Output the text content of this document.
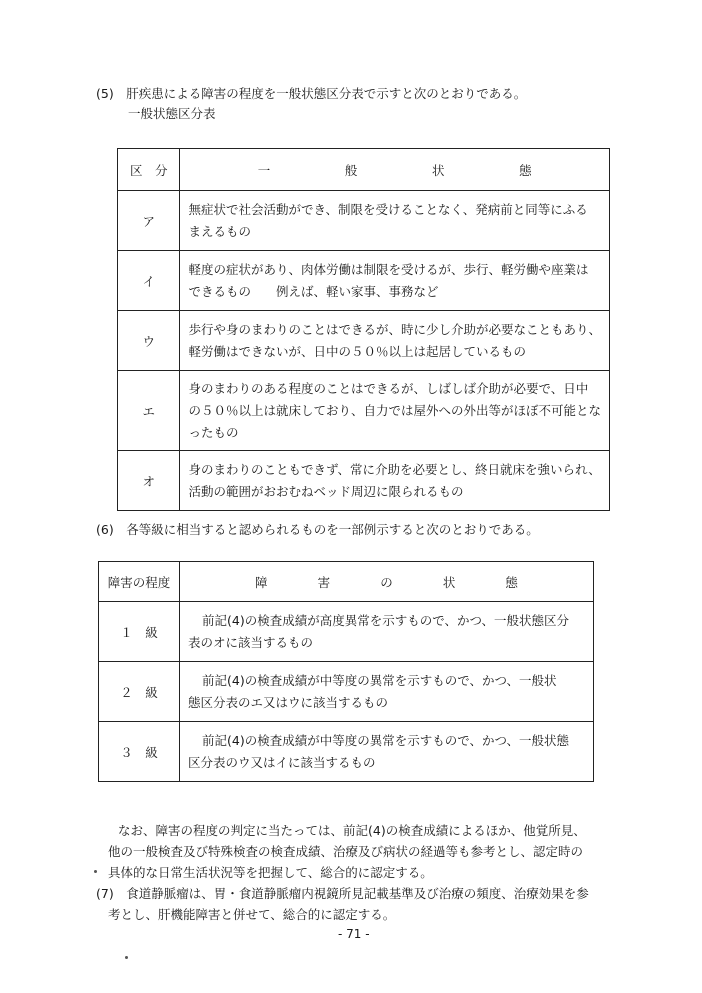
(5)　肝疾患による障害の程度を一般状態区分表で示すと次のとおりである。
一般状態区分表
区　分	一 般 状 態

ア	無症状で社会活動ができ、制限を受けることなく、発病前と同等にふる
まえるもの

イ	軽度の症状があり、肉体労働は制限を受けるが、歩行、軽労働や座業は
できるもの　　例えば、軽い家事、事務など

ウ	歩行や身のまわりのことはできるが、時に少し介助が必要なこともあり、
軽労働はできないが、日中の５０％以上は起居しているもの

エ	身のまわりのある程度のことはできるが、しばしば介助が必要で、日中
の５０％以上は就床しており、自力では屋外への外出等がほぼ不可能とな
ったもの

オ	身のまわりのこともできず、常に介助を必要とし、終日就床を強いられ、
活動の範囲がおおむねベッド周辺に限られるもの
(6)　各等級に相当すると認められるものを一部例示すると次のとおりである。
障害の程度	障 害 の 状 態

１　級	前記(4)の検査成績が高度異常を示すもので、かつ、一般状態区分
表のオに該当するもの

２　級	前記(4)の検査成績が中等度の異常を示すもので、かつ、一般状
態区分表のエ又はウに該当するもの

３　級	前記(4)の検査成績が中等度の異常を示すもので、かつ、一般状態
区分表のウ又はイに該当するもの
なお、障害の程度の判定に当たっては、前記(4)の検査成績によるほか、他覚所見、
他の一般検査及び特殊検査の検査成績、治療及び病状の経過等も参考とし、認定時の
具体的な日常生活状況等を把握して、総合的に認定する。
(7)　食道静脈瘤は、胃・食道静脈瘤内視鏡所見記載基準及び治療の頻度、治療効果を参
考とし、肝機能障害と併せて、総合的に認定する。
- 71 -
